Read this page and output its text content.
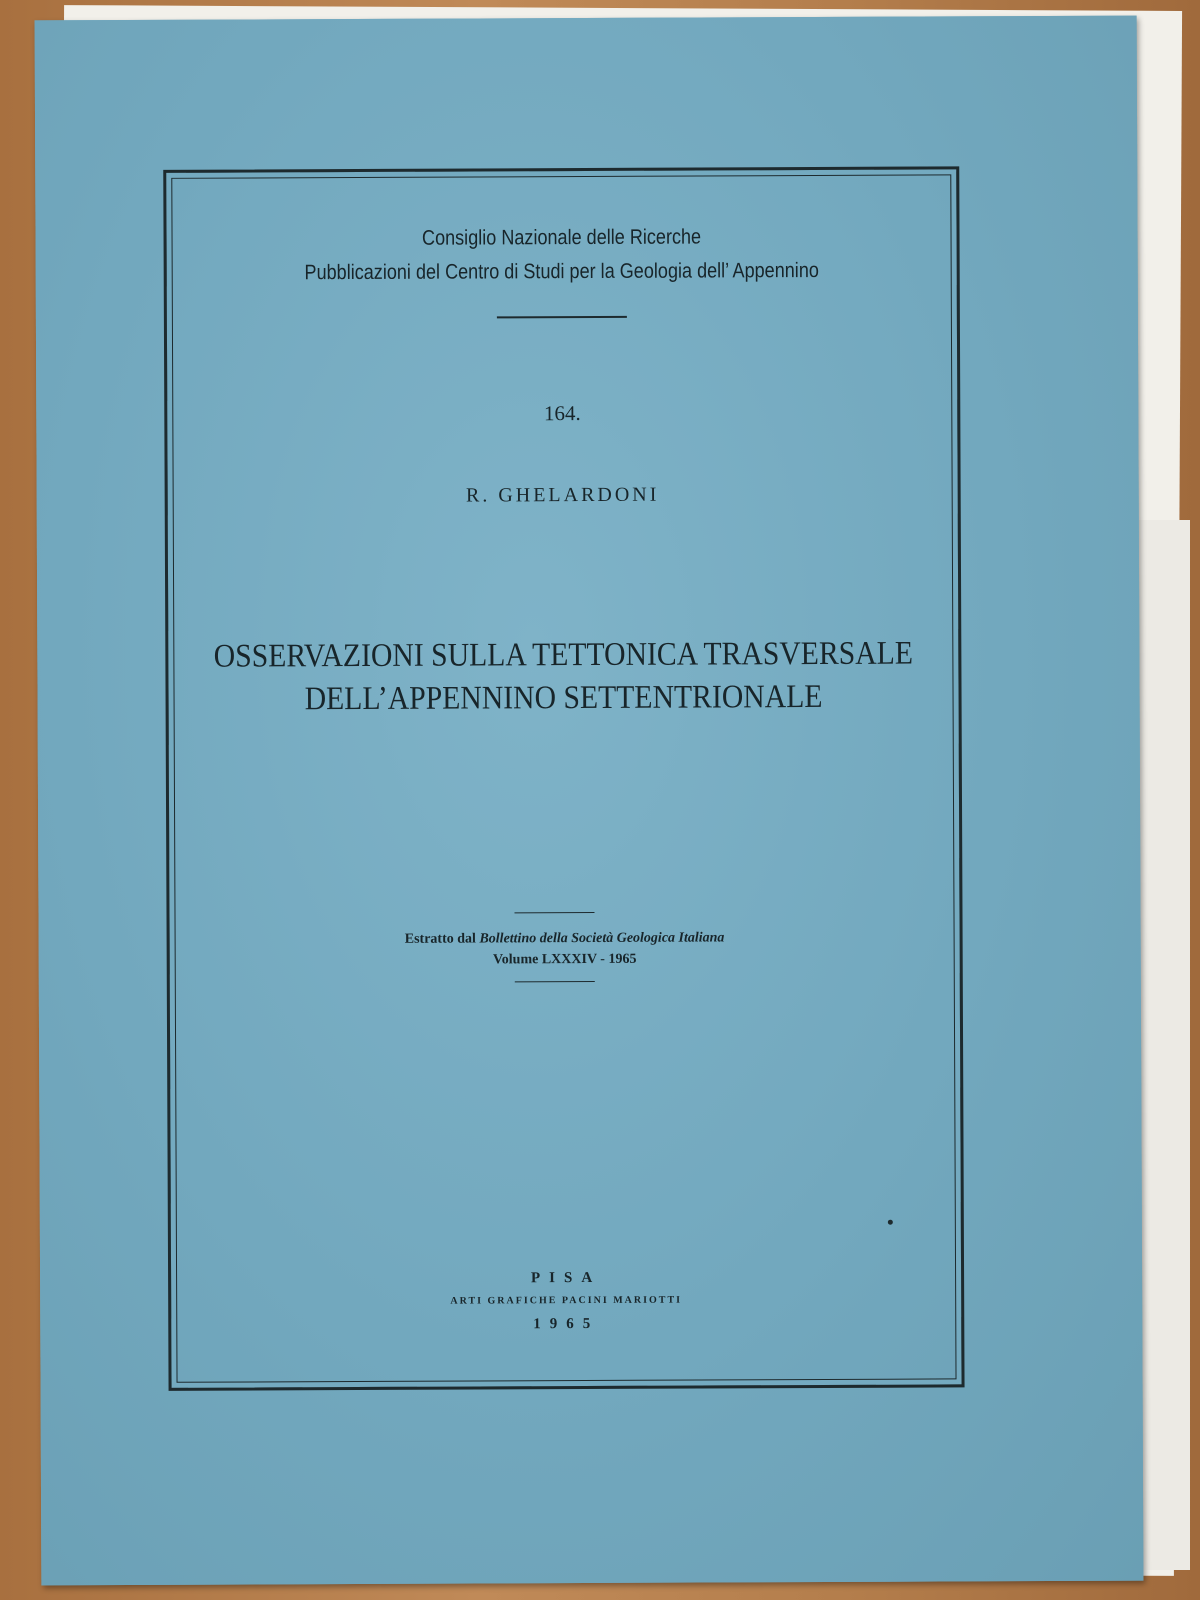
Consiglio Nazionale delle Ricerche
Pubblicazioni del Centro di Studi per la Geologia dell’ Appennino
164.
R. GHELARDONI
OSSERVAZIONI SULLA TETTONICA TRASVERSALE
DELL’APPENNINO SETTENTRIONALE
Estratto dal Bollettino della Società Geologica Italiana
Volume LXXXIV - 1965
PISA
ARTI GRAFICHE PACINI MARIOTTI
1965
